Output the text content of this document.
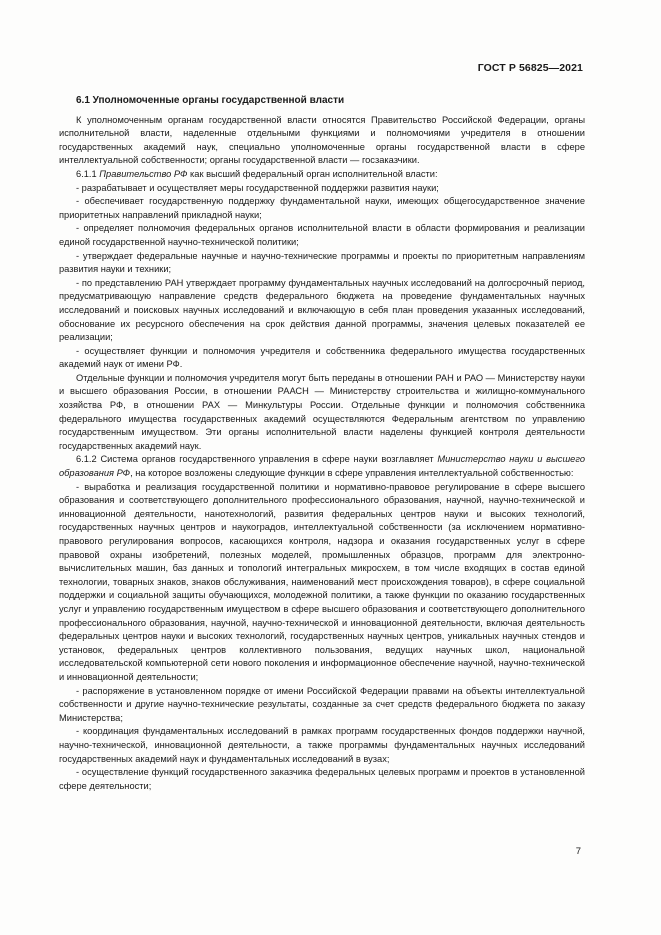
ГОСТ Р 56825—2021

6.1 Уполномоченные органы государственной власти

К уполномоченным органам государственной власти относятся Правительство Российской Федерации, органы исполнительной власти, наделенные отдельными функциями и полномочиями учредителя в отношении государственных академий наук, специально уполномоченные органы государственной власти в сфере интеллектуальной собственности; органы государственной власти — госзаказчики.

6.1.1 Правительство РФ как высший федеральный орган исполнительной власти:

- разрабатывает и осуществляет меры государственной поддержки развития науки;

- обеспечивает государственную поддержку фундаментальной науки, имеющих общегосударственное значение приоритетных направлений прикладной науки;

- определяет полномочия федеральных органов исполнительной власти в области формирования и реализации единой государственной научно-технической политики;

- утверждает федеральные научные и научно-технические программы и проекты по приоритетным направлениям развития науки и техники;

- по представлению РАН утверждает программу фундаментальных научных исследований на долгосрочный период, предусматривающую направление средств федерального бюджета на проведение фундаментальных научных исследований и поисковых научных исследований и включающую в себя план проведения указанных исследований, обоснование их ресурсного обеспечения на срок действия данной программы, значения целевых показателей ее реализации;

- осуществляет функции и полномочия учредителя и собственника федерального имущества государственных академий наук от имени РФ.

Отдельные функции и полномочия учредителя могут быть переданы в отношении РАН и РАО — Министерству науки и высшего образования России, в отношении РААСН — Министерству строительства и жилищно-коммунального хозяйства РФ, в отношении РАХ — Минкультуры России. Отдельные функции и полномочия собственника федерального имущества государственных академий осуществляются Федеральным агентством по управлению государственным имуществом. Эти органы исполнительной власти наделены функцией контроля деятельности государственных академий наук.

6.1.2 Система органов государственного управления в сфере науки возглавляет Министерство науки и высшего образования РФ, на которое возложены следующие функции в сфере управления интеллектуальной собственностью:

- выработка и реализация государственной политики и нормативно-правовое регулирование в сфере высшего образования и соответствующего дополнительного профессионального образования, научной, научно-технической и инновационной деятельности, нанотехнологий, развития федеральных центров науки и высоких технологий, государственных научных центров и наукоградов, интеллектуальной собственности (за исключением нормативно-правового регулирования вопросов, касающихся контроля, надзора и оказания государственных услуг в сфере правовой охраны изобретений, полезных моделей, промышленных образцов, программ для электронно-вычислительных машин, баз данных и топологий интегральных микросхем, в том числе входящих в состав единой технологии, товарных знаков, знаков обслуживания, наименований мест происхождения товаров), в сфере социальной поддержки и социальной защиты обучающихся, молодежной политики, а также функции по оказанию государственных услуг и управлению государственным имуществом в сфере высшего образования и соответствующего дополнительного профессионального образования, научной, научно-технической и инновационной деятельности, включая деятельность федеральных центров науки и высоких технологий, государственных научных центров, уникальных научных стендов и установок, федеральных центров коллективного пользования, ведущих научных школ, национальной исследовательской компьютерной сети нового поколения и информационное обеспечение научной, научно-технической и инновационной деятельности;

- распоряжение в установленном порядке от имени Российской Федерации правами на объекты интеллектуальной собственности и другие научно-технические результаты, созданные за счет средств федерального бюджета по заказу Министерства;

- координация фундаментальных исследований в рамках программ государственных фондов поддержки научной, научно-технической, инновационной деятельности, а также программы фундаментальных научных исследований государственных академий наук и фундаментальных исследований в вузах;

- осуществление функций государственного заказчика федеральных целевых программ и проектов в установленной сфере деятельности;

7
